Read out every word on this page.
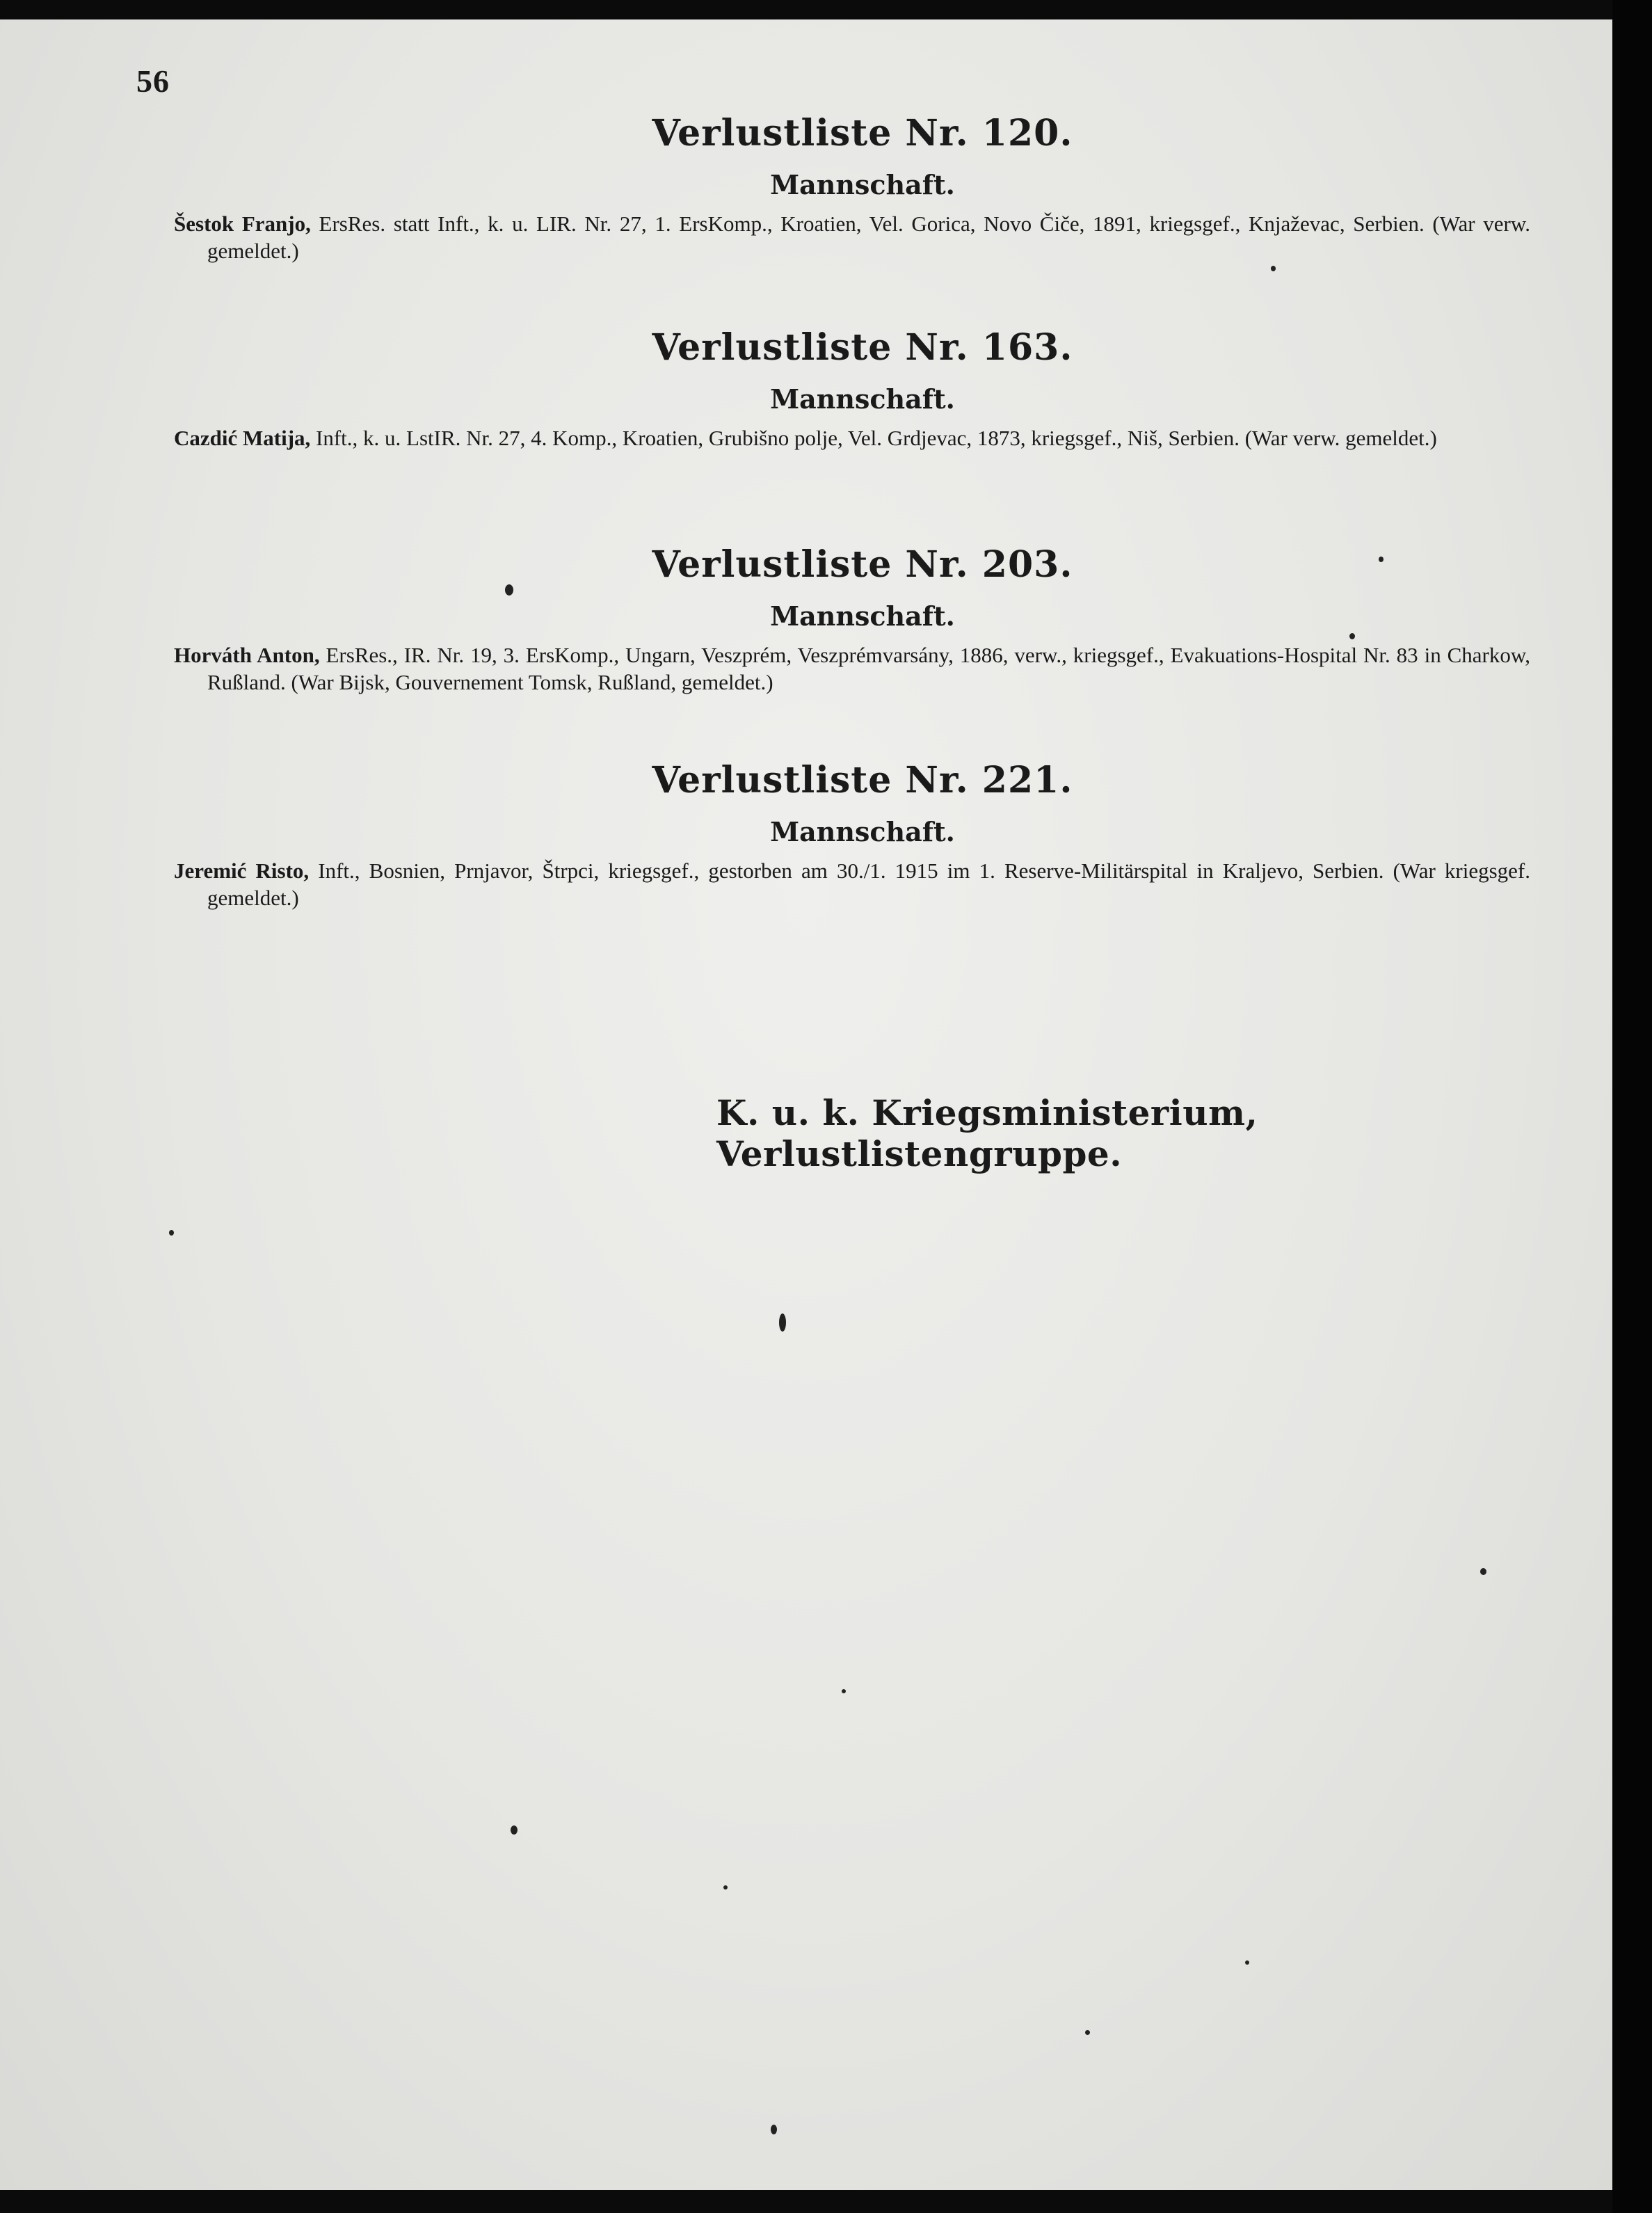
56
Verlustliste Nr. 120.
Mannschaft.

Šestok Franjo, ErsRes. statt Inft., k. u. LIR. Nr. 27, 1. ErsKomp., Kroatien, Vel. Gorica, Novo Čiče, 1891, kriegsgef., Knjaževac, Serbien. (War verw. gemeldet.)

Verlustliste Nr. 163.
Mannschaft.

Cazdić Matija, Inft., k. u. LstIR. Nr. 27, 4. Komp., Kroatien, Grubišno polje, Vel. Grdjevac, 1873, kriegsgef., Niš, Serbien. (War verw. gemeldet.)

Verlustliste Nr. 203.
Mannschaft.

Horváth Anton, ErsRes., IR. Nr. 19, 3. ErsKomp., Ungarn, Veszprém, Veszprémvarsány, 1886, verw., kriegsgef., Evakuations-Hospital Nr. 83 in Charkow, Rußland. (War Bijsk, Gouvernement Tomsk, Rußland, gemeldet.)

Verlustliste Nr. 221.
Mannschaft.

Jeremić Risto, Inft., Bosnien, Prnjavor, Štrpci, kriegsgef., gestorben am 30./1. 1915 im 1. Reserve-Militärspital in Kraljevo, Serbien. (War kriegsgef. gemeldet.)

K. u. k. Kriegsministerium, Verlustlistengruppe.
